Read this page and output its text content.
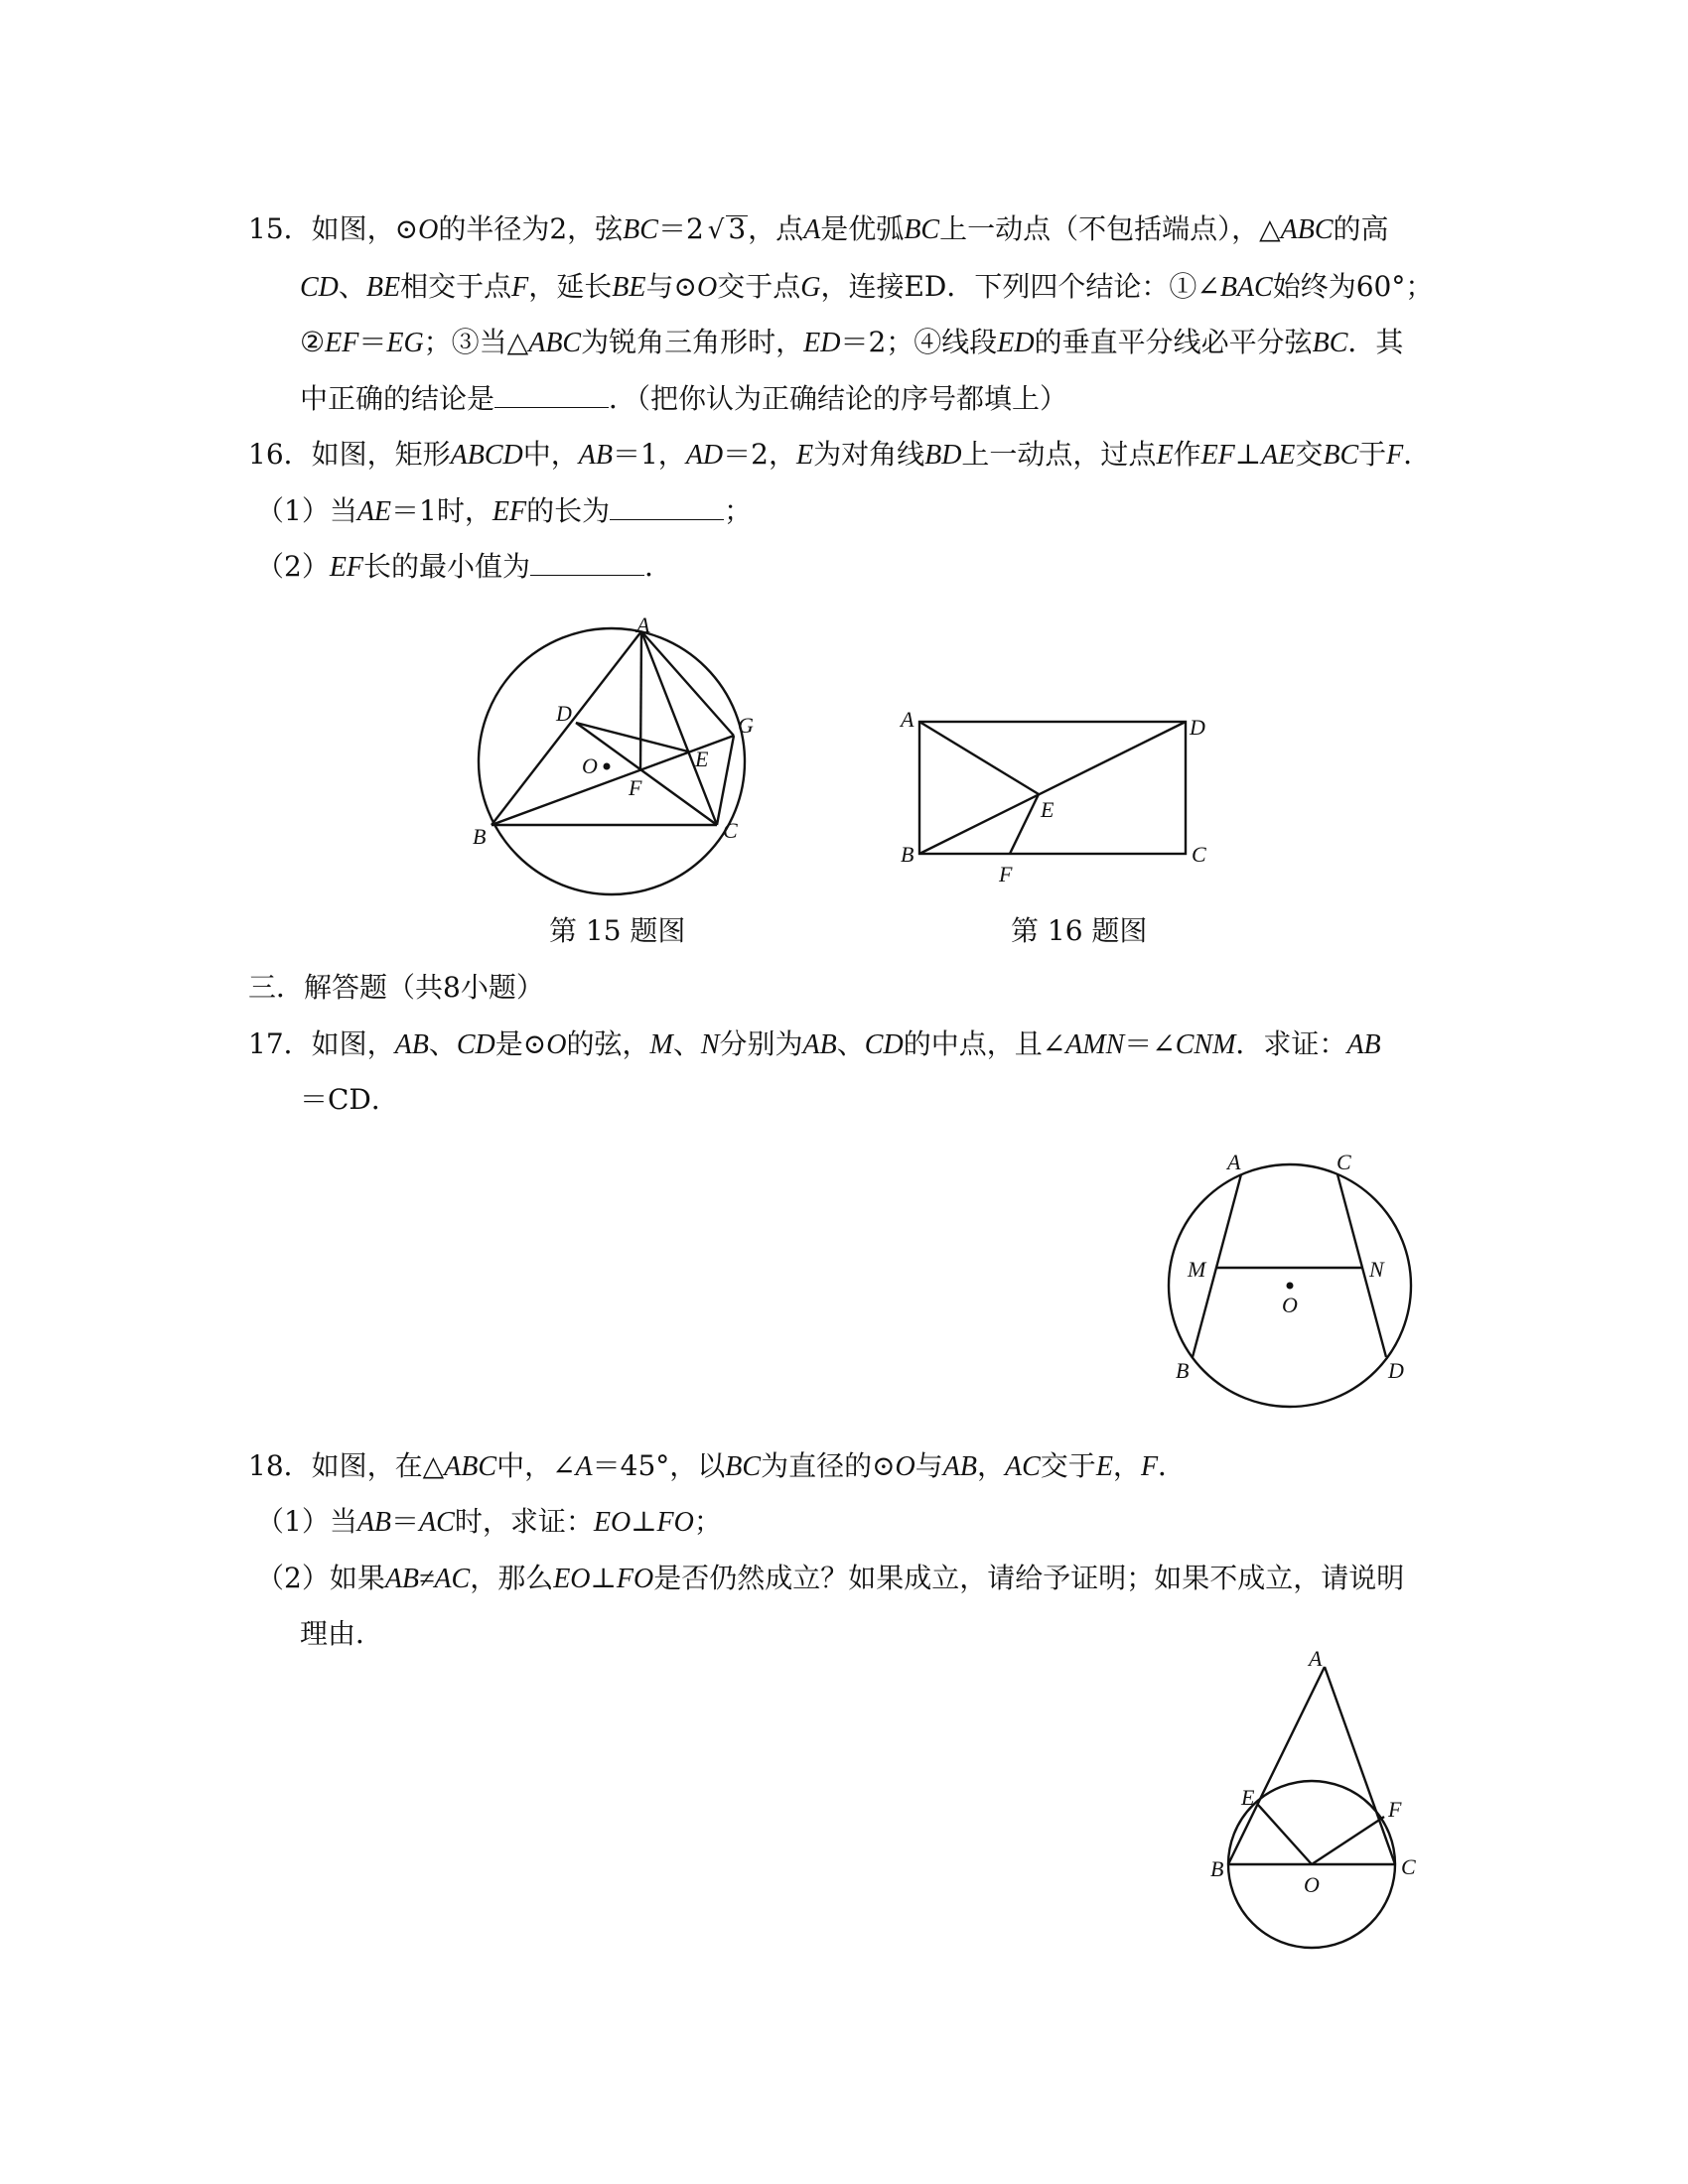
15．如图，⊙O的半径为2，弦BC＝2 √ 3，点A是优弧BC上一动点（不包括端点），△ABC的高
CD、BE相交于点F，延长BE与⊙O交于点G，连接ED．下列四个结论：①∠BAC始终为60°；
②EF＝EG；③当△ABC为锐角三角形时，ED＝2；④线段ED的垂直平分线必平分弦BC．其
中正确的结论是	．（把你认为正确结论的序号都填上）
16．如图，矩形ABCD中，AB＝1，AD＝2，E为对角线BD上一动点，过点E作EF⊥AE交BC于F．
（1）当AE＝1时，EF的长为	；
（2）EF长的最小值为	．
A
B	C
D
E
F
G
O
第 15 题图
A
B	C
D
E
F
第 16 题图
三．解答题（共8小题）
17．如图，AB、CD是⊙O的弦，M、N分别为AB、CD的中点，且∠AMN＝∠CNM．求证：AB
＝CD．
A	C
M	N
O
B	D
18．如图，在△ABC中，∠A＝45°，以BC为直径的⊙O与AB，AC交于E，F．
（1）当AB＝AC时，求证：EO⊥FO；
（2）如果AB≠AC，那么EO⊥FO是否仍然成立？如果成立，请给予证明；如果不成立，请说明
理由．
A
E	F
B	C
O
